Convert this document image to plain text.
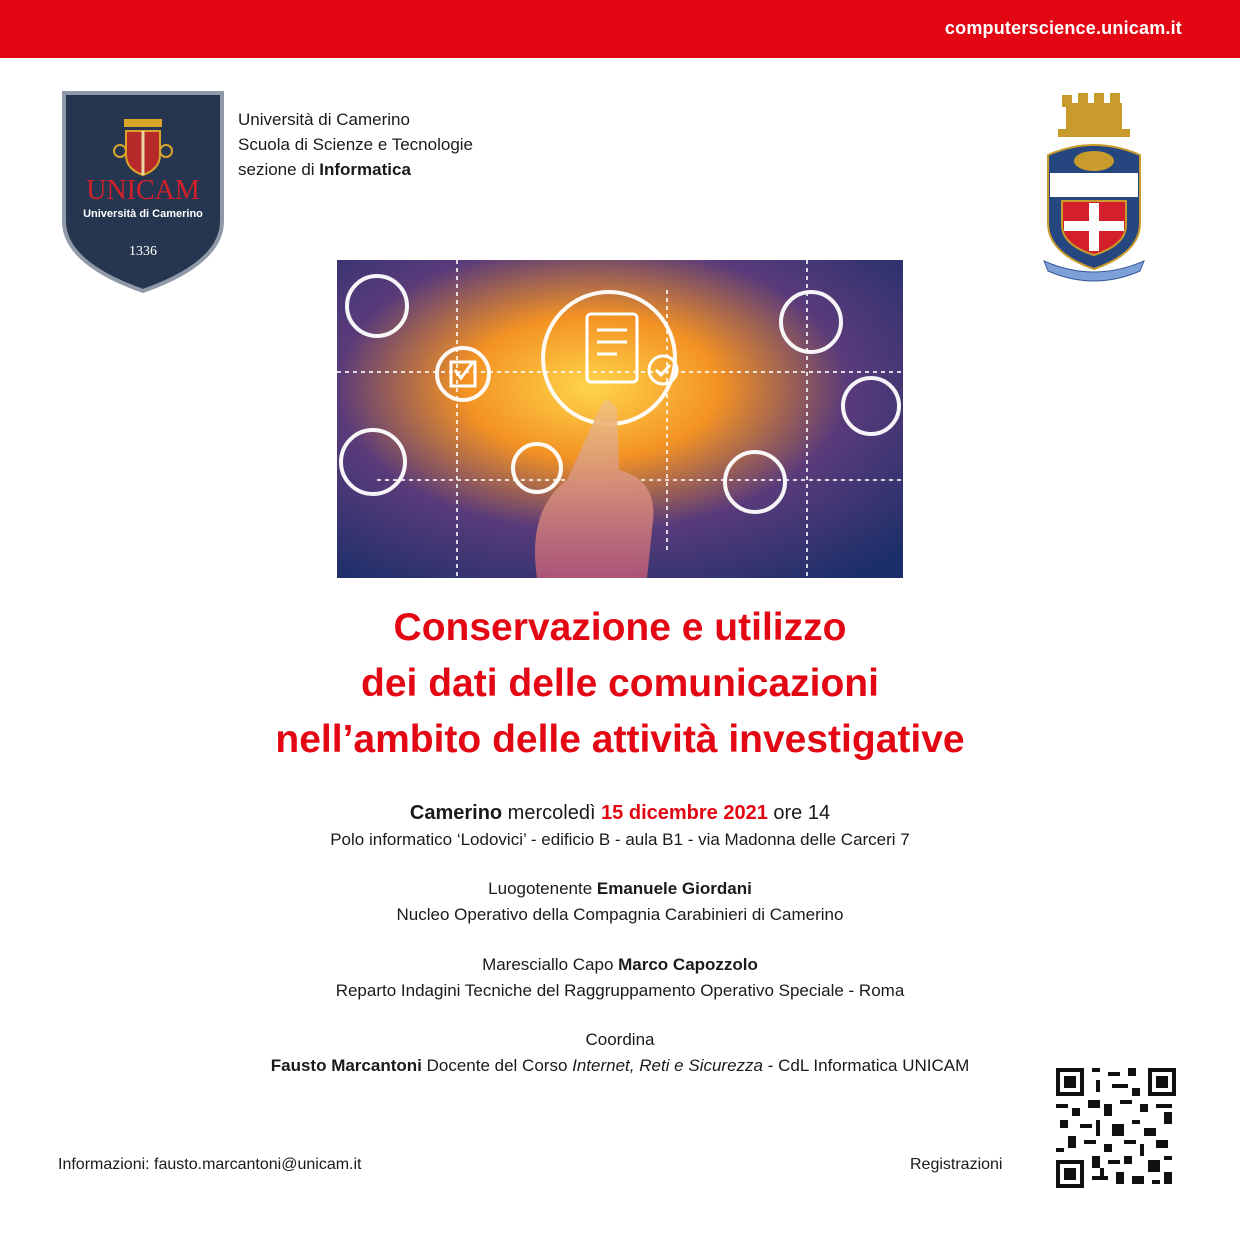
computerscience.unicam.it
UNICAM
Università di Camerino
1336
Università di Camerino
Scuola di Scienze e Tecnologie
sezione di Informatica
Conservazione e utilizzo
dei dati delle comunicazioni
nell’ambito delle attività investigative
Camerino mercoledì 15 dicembre 2021 ore 14
Polo informatico ‘Lodovici’ - edificio B - aula B1 - via Madonna delle Carceri 7
Luogotenente Emanuele Giordani
Nucleo Operativo della Compagnia Carabinieri di Camerino
Maresciallo Capo Marco Capozzolo
Reparto Indagini Tecniche del Raggruppamento Operativo Speciale - Roma
Coordina
Fausto Marcantoni Docente del Corso Internet, Reti e Sicurezza - CdL Informatica UNICAM
Informazioni: fausto.marcantoni@unicam.it	Registrazioni
